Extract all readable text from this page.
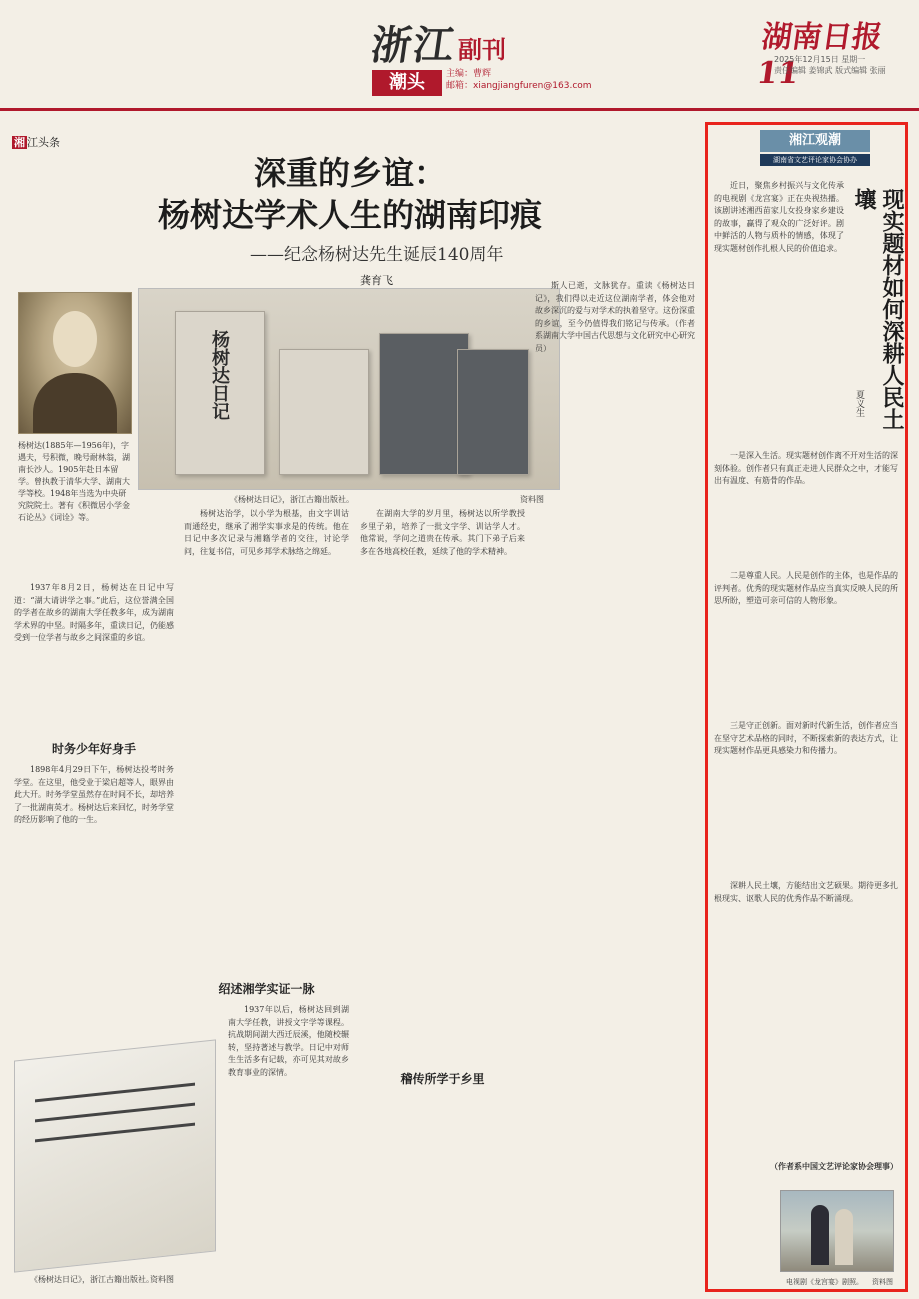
浙江 副刊
潮头	主编：曹辉
邮箱：xiangjiangfuren@163.com
湖南日报11
2025年12月15日 星期一
责任编辑 姜锦武 版式编辑 张丽
湘 江头条
深重的乡谊：
杨树达学术人生的湖南印痕
——纪念杨树达先生诞辰140周年
龚育飞
杨树达(1885年—1956年)，字遇夫，号积微，晚号耐林翁，湖南长沙人。1905年赴日本留学。曾执教于清华大学、湖南大学等校。1948年当选为中央研究院院士。著有《积微居小学金石论丛》《词诠》等。
杨树达日记
《杨树达日记》，浙江古籍出版社。	资料图

1937年8月2日，杨树达在日记中写道：“湖大请讲学之事。”此后，这位誉满全国的学者在故乡的湖南大学任教多年，成为湖南学术界的中坚。时隔多年，重读日记，仍能感受到一位学者与故乡之间深重的乡谊。

时务少年好身手

1898年4月29日下午，杨树达投考时务学堂。在这里，他受业于梁启超等人，眼界由此大开。时务学堂虽然存在时间不长，却培养了一批湖南英才。杨树达后来回忆，时务学堂的经历影响了他的一生。

杨树达治学，以小学为根基，由文字训诂而通经史，继承了湘学实事求是的传统。他在日记中多次记录与湘籍学者的交往，讨论学问，往复书信，可见乡邦学术脉络之绵延。

绍述湘学实证一脉

1937年以后，杨树达回到湖南大学任教，讲授文字学等课程。抗战期间湖大西迁辰溪，他随校辗转，坚持著述与教学。日记中对师生生活多有记载，亦可见其对故乡教育事业的深情。

在湖南大学的岁月里，杨树达以所学教授乡里子弟，培养了一批文字学、训诂学人才。他常说，学问之道贵在传承。其门下弟子后来多在各地高校任教，延续了他的学术精神。

稽传所学于乡里

斯人已逝，文脉犹存。重读《杨树达日记》，我们得以走近这位湖南学者，体会他对故乡深沉的爱与对学术的执着坚守。这份深重的乡谊，至今仍值得我们铭记与传承。（作者系湖南大学中国古代思想与文化研究中心研究员）

《杨树达日记》，浙江古籍出版社。
资料图
湘江观潮
湖南省文艺评论家协会协办
现实题材如何深耕人民土壤
夏义生

近日，聚焦乡村振兴与文化传承的电视剧《龙宫宴》正在央视热播。该剧讲述湘西苗家儿女投身家乡建设的故事，赢得了观众的广泛好评。剧中鲜活的人物与质朴的情感，体现了现实题材创作扎根人民的价值追求。

一是深入生活。现实题材创作离不开对生活的深刻体验。创作者只有真正走进人民群众之中，才能写出有温度、有筋骨的作品。

二是尊重人民。人民是创作的主体，也是作品的评判者。优秀的现实题材作品应当真实反映人民的所思所盼，塑造可亲可信的人物形象。

三是守正创新。面对新时代新生活，创作者应当在坚守艺术品格的同时，不断探索新的表达方式，让现实题材作品更具感染力和传播力。

深耕人民土壤，方能结出文艺硕果。期待更多扎根现实、讴歌人民的优秀作品不断涌现。

（作者系中国文艺评论家协会理事）
电视剧《龙宫宴》剧照。 资料图
